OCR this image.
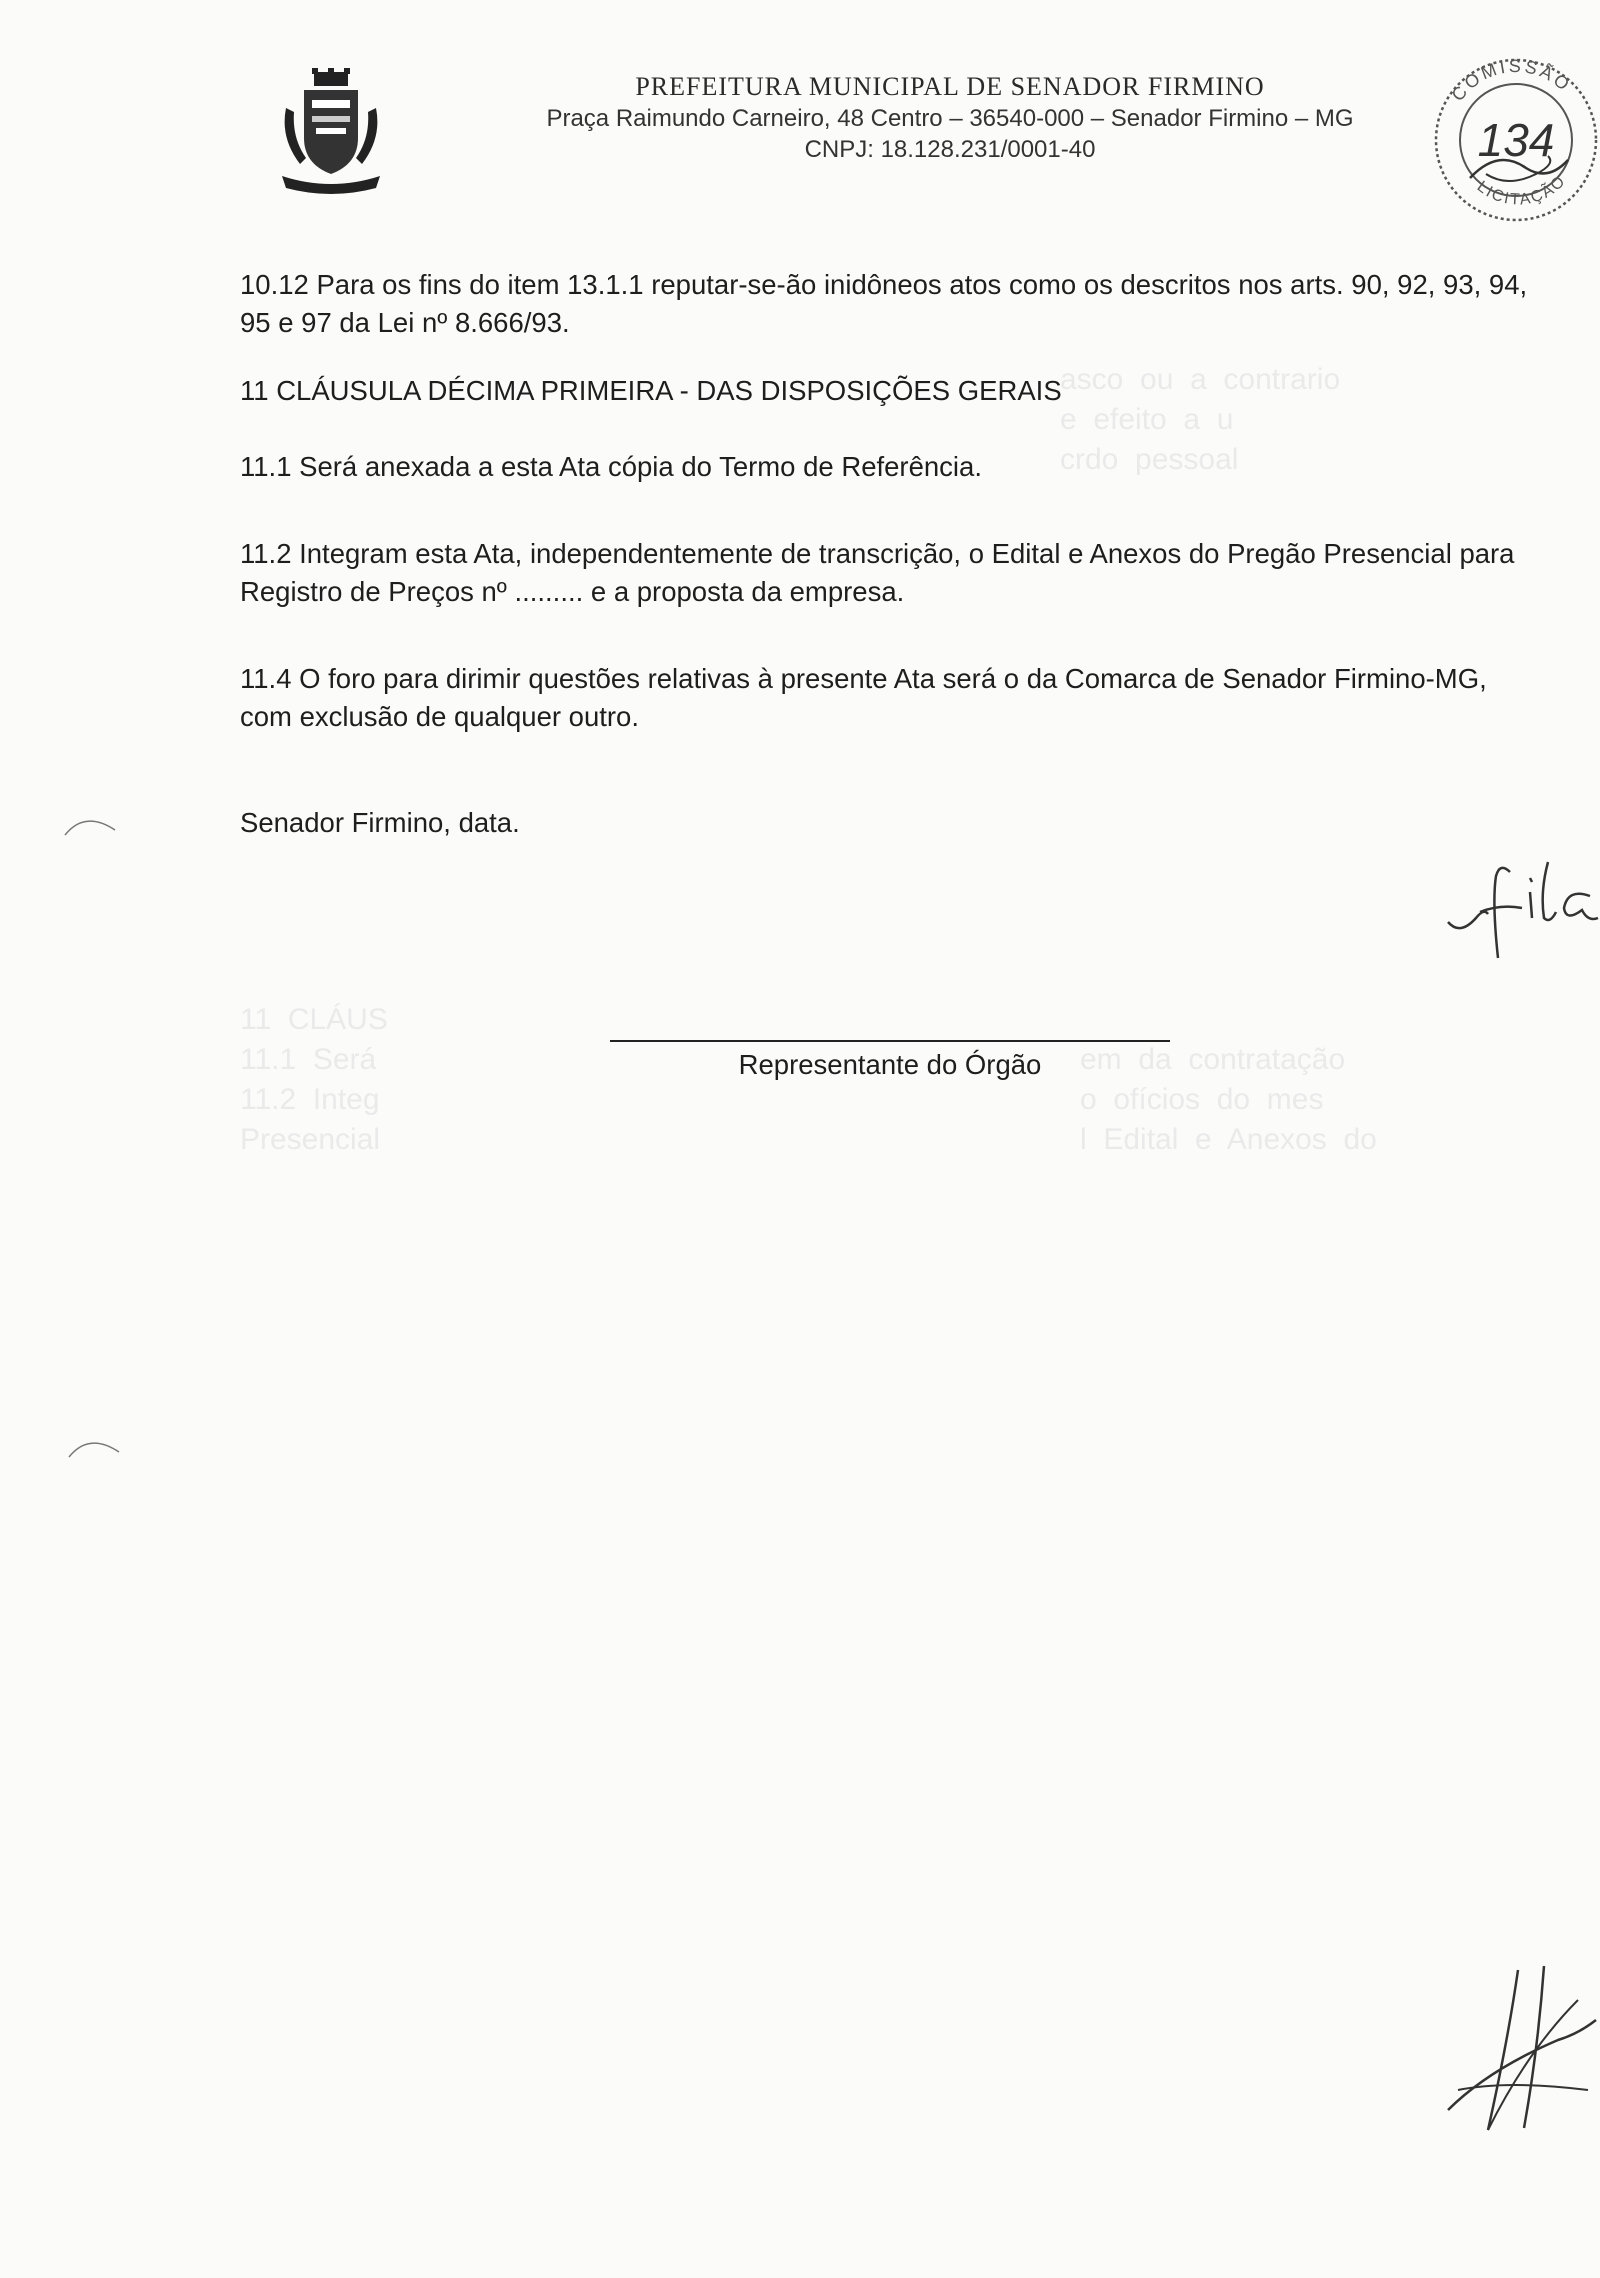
asco  ou  a  contrario
e  efeito  a  u
crdo  pessoal
em  da  contratação
o  ofícios  do  mes
l  Edital  e  Anexos  do
11  CLÁUS
11.1  Será
11.2  Integ
Presencial
PREFEITURA MUNICIPAL DE SENADOR FIRMINO
Praça Raimundo Carneiro, 48 Centro – 36540-000 – Senador Firmino – MG
CNPJ: 18.128.231/0001-40
COMISSÃO
LICITAÇÃO
134
10.12 Para os fins do item 13.1.1 reputar-se-ão inidôneos atos como os descritos nos arts. 90, 92, 93, 94, 95 e 97 da Lei nº 8.666/93.
11 CLÁUSULA DÉCIMA PRIMEIRA - DAS DISPOSIÇÕES GERAIS
11.1 Será anexada a esta Ata cópia do Termo de Referência.
11.2 Integram esta Ata, independentemente de transcrição, o Edital e Anexos do Pregão Presencial para Registro de Preços nº ......... e a proposta da empresa.
11.4 O foro para dirimir questões relativas à presente Ata será o da Comarca de Senador Firmino-MG, com exclusão de qualquer outro.
Senador Firmino, data.
Representante do Órgão
